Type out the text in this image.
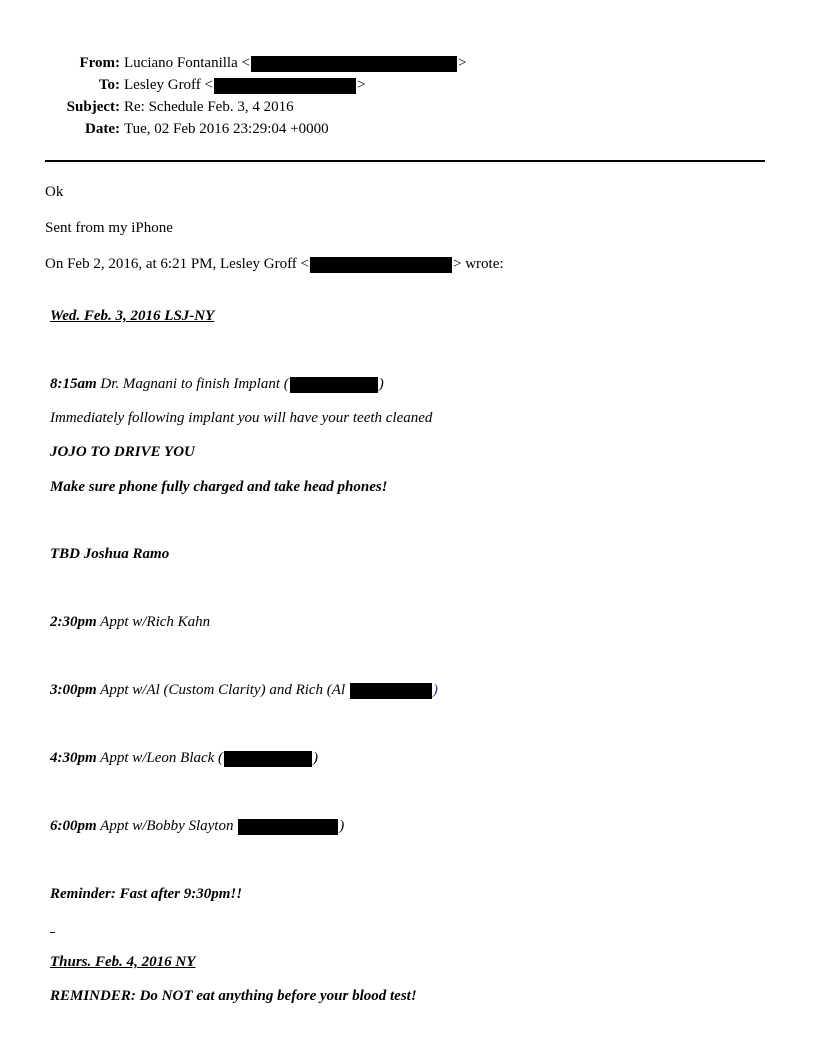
From: Luciano Fontanilla <	>
To: Lesley Groff <	>
Subject: Re: Schedule Feb. 3, 4 2016
Date: Tue, 02 Feb 2016 23:29:04 +0000
Ok
Sent from my iPhone
On Feb 2, 2016, at 6:21 PM, Lesley Groff <	> wrote:
Wed. Feb. 3, 2016 LSJ-NY
8:15am Dr. Magnani to finish Implant (	)
Immediately following implant you will have your teeth cleaned
JOJO TO DRIVE YOU
Make sure phone fully charged and take head phones!
TBD Joshua Ramo
2:30pm Appt w/Rich Kahn
3:00pm Appt w/Al (Custom Clarity) and Rich (Al	)
4:30pm Appt w/Leon Black (	)
6:00pm Appt w/Bobby Slayton	)
Reminder: Fast after 9:30pm!!
Thurs. Feb. 4, 2016 NY
REMINDER: Do NOT eat anything before your blood test!
